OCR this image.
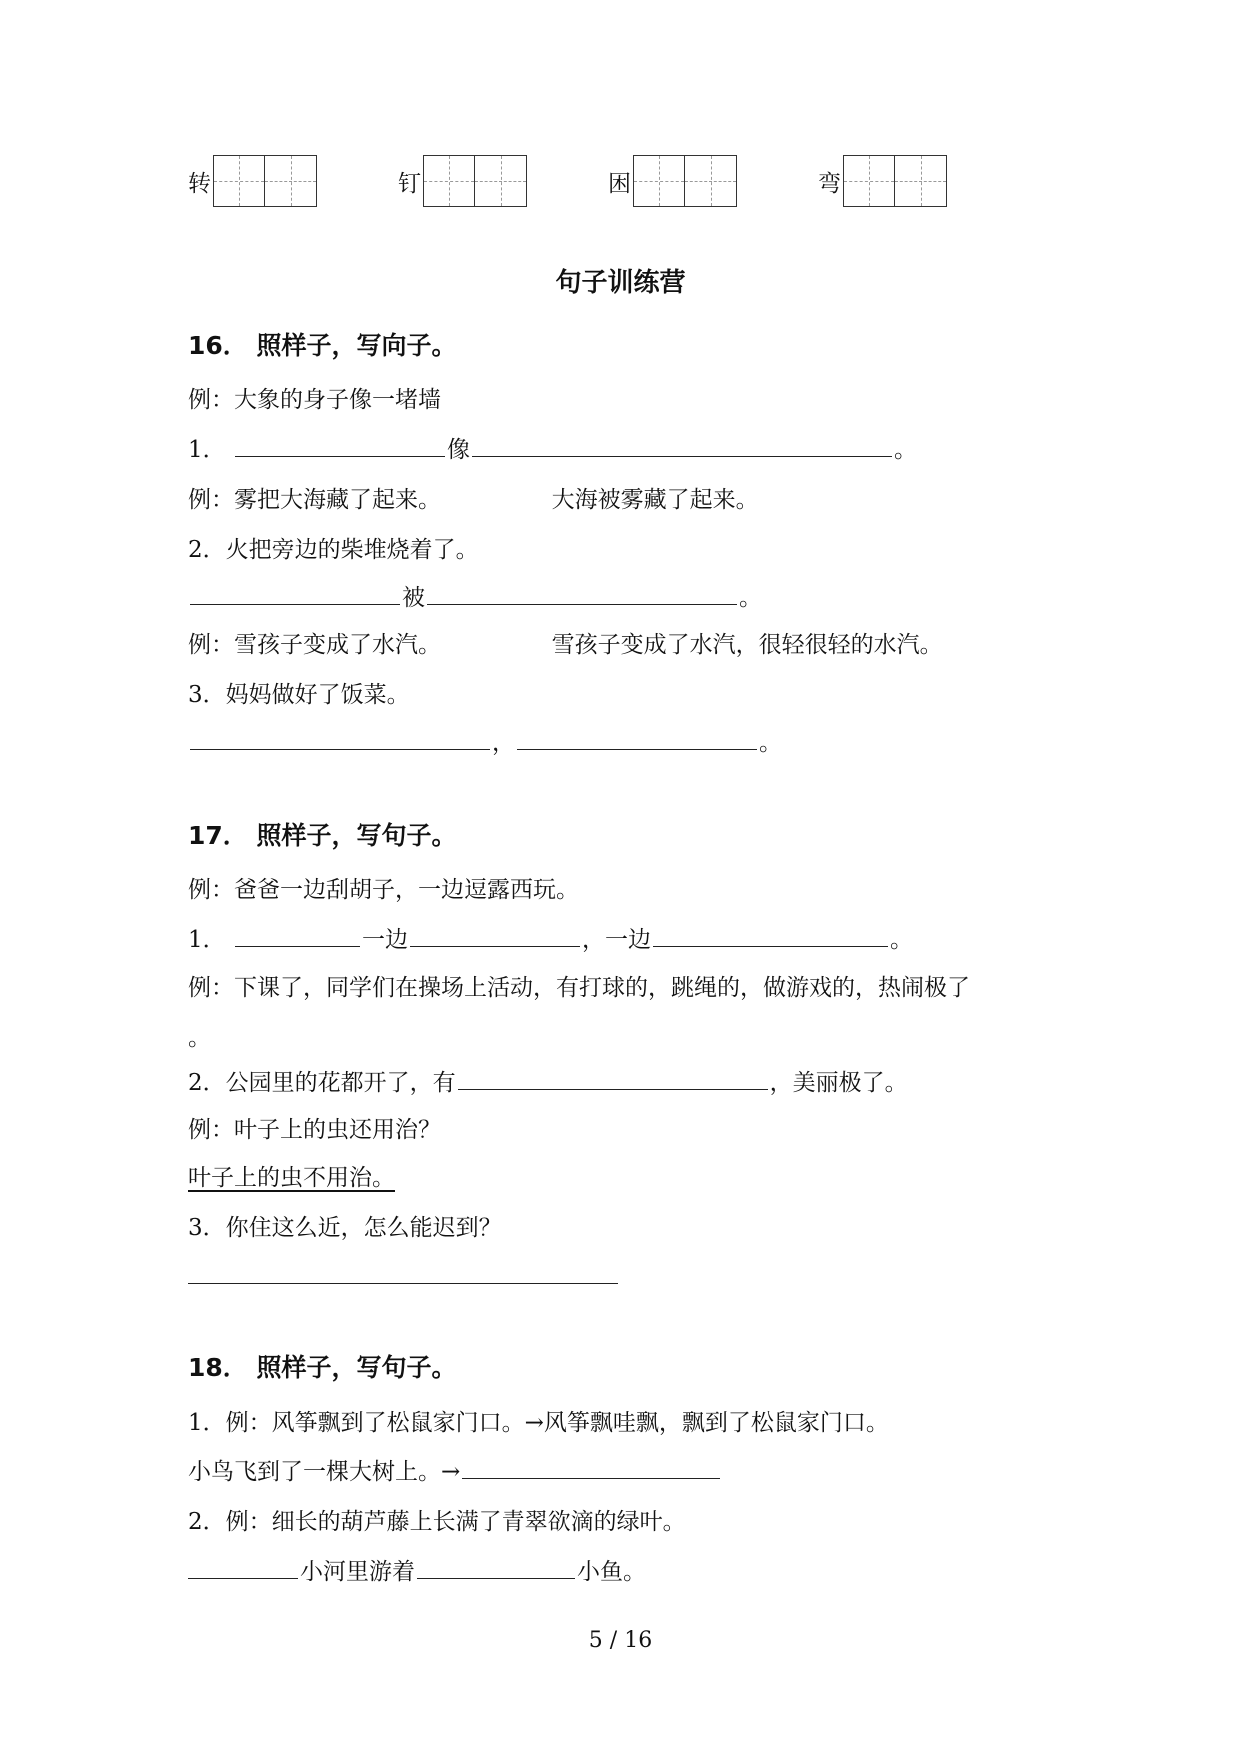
转	钉	困	弯
句子训练营
16． 照样子，写向子。
例：大象的身子像一堵墙
1．	像	。
例：雾把大海藏了起来。	大海被雾藏了起来。
2．火把旁边的柴堆烧着了。
被	。
例：雪孩子变成了水汽。	雪孩子变成了水汽，很轻很轻的水汽。
3．妈妈做好了饭菜。
，	。
17． 照样子，写句子。
例：爸爸一边刮胡子，一边逗露西玩。
1．	一边	，一边	。
例：下课了，同学们在操场上活动，有打球的，跳绳的，做游戏的，热闹极了
。
2．公园里的花都开了，有	，美丽极了。
例：叶子上的虫还用治？
叶子上的虫不用治。
3．你住这么近，怎么能迟到？
18． 照样子，写句子。
1．例：风筝飘到了松鼠家门口。→风筝飘哇飘，飘到了松鼠家门口。
小鸟飞到了一棵大树上。→
2．例：细长的葫芦藤上长满了青翠欲滴的绿叶。
小河里游着	小鱼。
5 / 16
